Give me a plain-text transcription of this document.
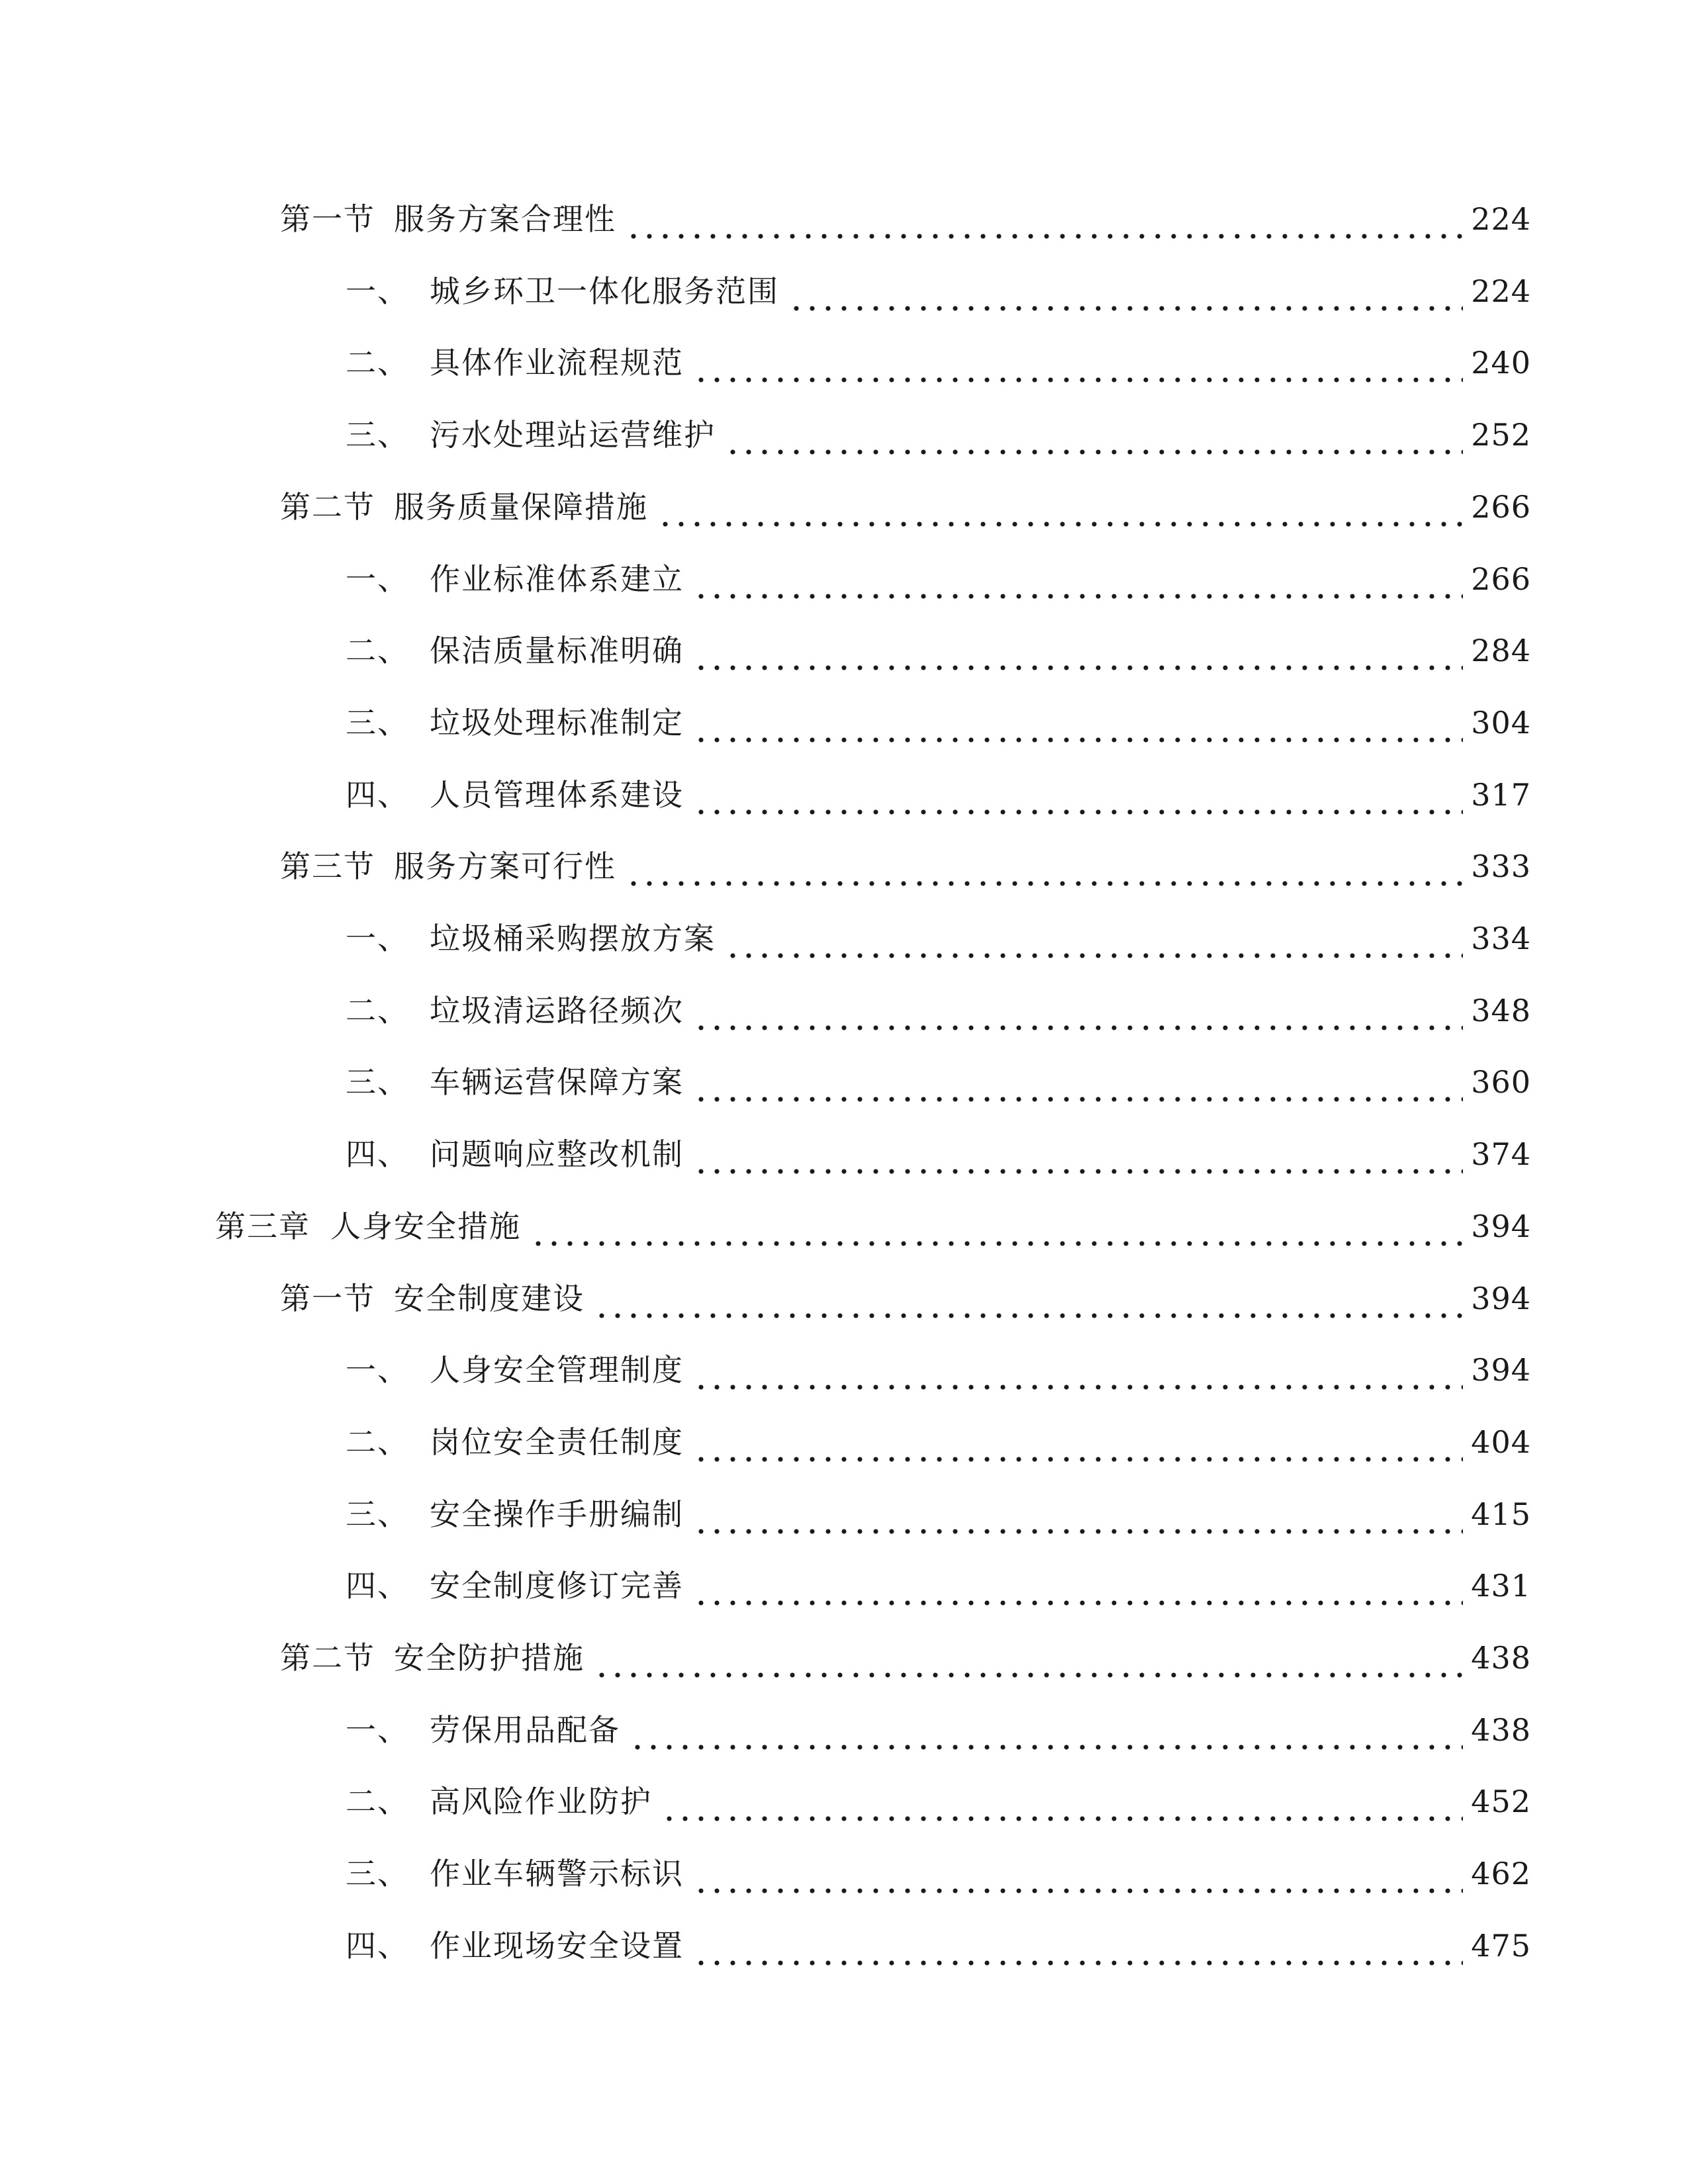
第一节 服务方案合理性	224
一、 城乡环卫一体化服务范围	224
二、 具体作业流程规范	240
三、 污水处理站运营维护	252
第二节 服务质量保障措施	266
一、 作业标准体系建立	266
二、 保洁质量标准明确	284
三、 垃圾处理标准制定	304
四、 人员管理体系建设	317
第三节 服务方案可行性	333
一、 垃圾桶采购摆放方案	334
二、 垃圾清运路径频次	348
三、 车辆运营保障方案	360
四、 问题响应整改机制	374
第三章 人身安全措施	394
第一节 安全制度建设	394
一、 人身安全管理制度	394
二、 岗位安全责任制度	404
三、 安全操作手册编制	415
四、 安全制度修订完善	431
第二节 安全防护措施	438
一、 劳保用品配备	438
二、 高风险作业防护	452
三、 作业车辆警示标识	462
四、 作业现场安全设置	475
